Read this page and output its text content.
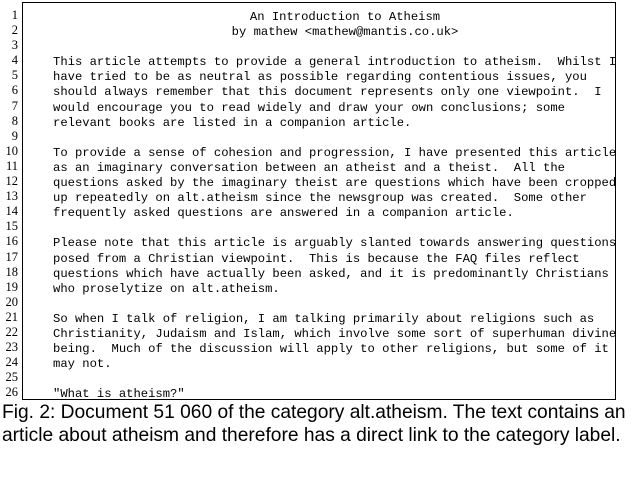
1
2
3
4
5
6
7
8
9
10
11
12
13
14
15
16
17
18
19
20
21
22
23
24
25
26
An Introduction to Atheism
by mathew <mathew@mantis.co.uk>
This article attempts to provide a general introduction to atheism.  Whilst I
have tried to be as neutral as possible regarding contentious issues, you
should always remember that this document represents only one viewpoint.  I
would encourage you to read widely and draw your own conclusions; some
relevant books are listed in a companion article.
To provide a sense of cohesion and progression, I have presented this article
as an imaginary conversation between an atheist and a theist.  All the
questions asked by the imaginary theist are questions which have been cropped
up repeatedly on alt.atheism since the newsgroup was created.  Some other
frequently asked questions are answered in a companion article.
Please note that this article is arguably slanted towards answering questions
posed from a Christian viewpoint.  This is because the FAQ files reflect
questions which have actually been asked, and it is predominantly Christians
who proselytize on alt.atheism.
So when I talk of religion, I am talking primarily about religions such as
Christianity, Judaism and Islam, which involve some sort of superhuman divine
being.  Much of the discussion will apply to other religions, but some of it
may not.
"What is atheism?"
Fig. 2: Document 51 060 of the category alt.atheism. The text contains an article about atheism and therefore has a direct link to the category label.
